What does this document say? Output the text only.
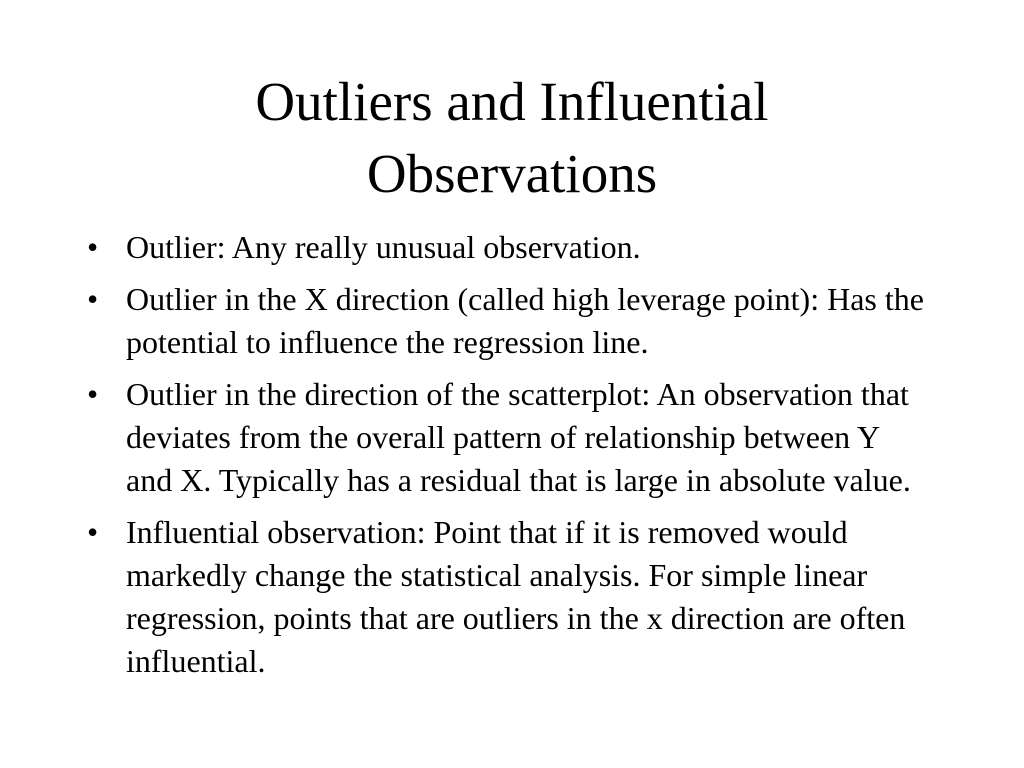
Outliers and Influential
Observations
• Outlier: Any really unusual observation.
• Outlier in the X direction (called high leverage point): Has the potential to influence the regression line.
• Outlier in the direction of the scatterplot: An observation that deviates from the overall pattern of relationship between Y and X. Typically has a residual that is large in absolute value.
• Influential observation: Point that if it is removed would markedly change the statistical analysis. For simple linear regression, points that are outliers in the x direction are often influential.
